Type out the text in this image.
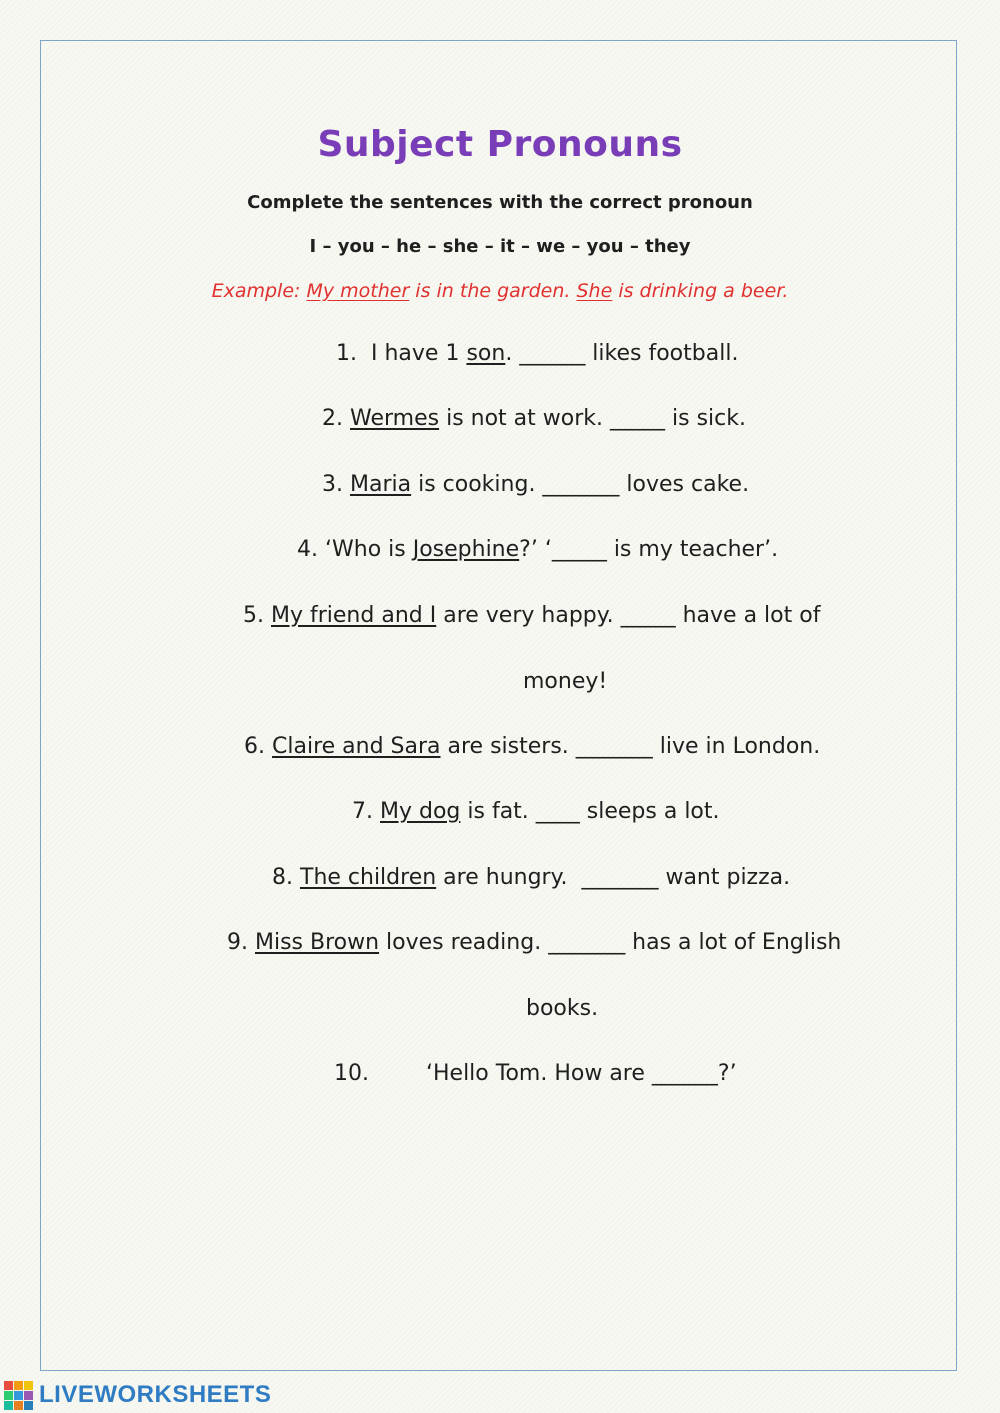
Subject Pronouns
Complete the sentences with the correct pronoun
I – you – he – she – it – we – you – they
Example: My mother is in the garden. She is drinking a beer.
1. I have 1 son. ______ likes football.
2. Wermes is not at work. _____ is sick.
3. Maria is cooking. _______ loves cake.
4. ‘Who is Josephine?’ ‘_____ is my teacher’.
5. My friend and I are very happy. _____ have a lot of
money!
6. Claire and Sara are sisters. _______ live in London.
7. My dog is fat. ____ sleeps a lot.
8. The children are hungry.  _______ want pizza.
9. Miss Brown loves reading. _______ has a lot of English
books.
10.	‘Hello Tom. How are ______?’
LIVEWORKSHEETS
